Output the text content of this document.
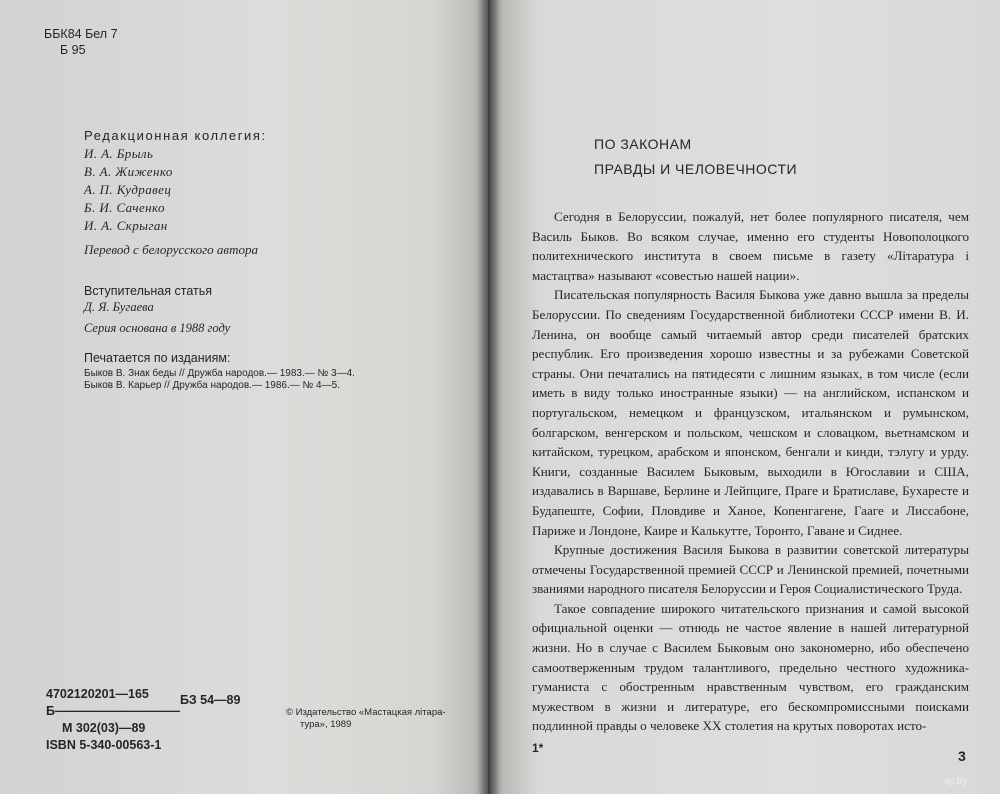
ББК84 Бел 7
Б 95
Редакционная коллегия:
И. А. Брыль
В. А. Жиженко
А. П. Кудравец
Б. И. Саченко
И. А. Скрыган
Перевод с белорусского автора
Вступительная статья
Д. Я. Бугаева
Серия основана в 1988 году
Печатается по изданиям:
Быков В. Знак беды // Дружба народов.— 1983.— № 3—4.
Быков В. Карьер // Дружба народов.— 1986.— № 4—5.
4702120201—165
Б——————————
М 302(03)—89
ISBN 5-340-00563-1
БЗ 54—89
© Издательство «Мастацкая літара-
тура», 1989
ПО ЗАКОНАМ
ПРАВДЫ И ЧЕЛОВЕЧНОСТИ

Сегодня в Белоруссии, пожалуй, нет более популярного писателя, чем Василь Быков. Во всяком случае, именно его студенты Новополоцкого политехнического института в своем письме в газету «Літаратура і мастацтва» называют «совестью нашей нации».

Писательская популярность Василя Быкова уже давно вышла за пределы Белоруссии. По сведениям Государственной библиотеки СССР имени В. И. Ленина, он вообще самый читаемый автор среди писателей братских республик. Его произведения хорошо известны и за рубежами Советской страны. Они печатались на пятидесяти с лишним языках, в том числе (если иметь в виду только иностранные языки) — на английском, испанском и португальском, немецком и французском, итальянском и румынском, болгарском, венгерском и польском, чешском и словацком, вьетнамском и китайском, турецком, арабском и японском, бенгали и кинди, тэлугу и урду. Книги, созданные Василем Быковым, выходили в Югославии и США, издавались в Варшаве, Берлине и Лейпциге, Праге и Братиславе, Бухаресте и Будапеште, Софии, Пловдиве и Ханое, Копенгагене, Гааге и Лиссабоне, Париже и Лондоне, Каире и Калькутте, Торонто, Гаване и Сиднее.

Крупные достижения Василя Быкова в развитии советской литературы отмечены Государственной премией СССР и Ленинской премией, почетными званиями народного писателя Белоруссии и Героя Социалистического Труда.

Такое совпадение широкого читательского признания и самой высокой официальной оценки — отнюдь не частое явление в нашей литературной жизни. Но в случае с Василем Быковым оно закономерно, ибо обеспечено самоотверженным трудом талантливого, предельно честного художника-гуманиста с обостренным нравственным чувством, его гражданским мужеством в жизни и литературе, его бескомпромиссными поисками подлинной правды о человеке XX столетия на крутых поворотах исто-

1*	3
ay.by
